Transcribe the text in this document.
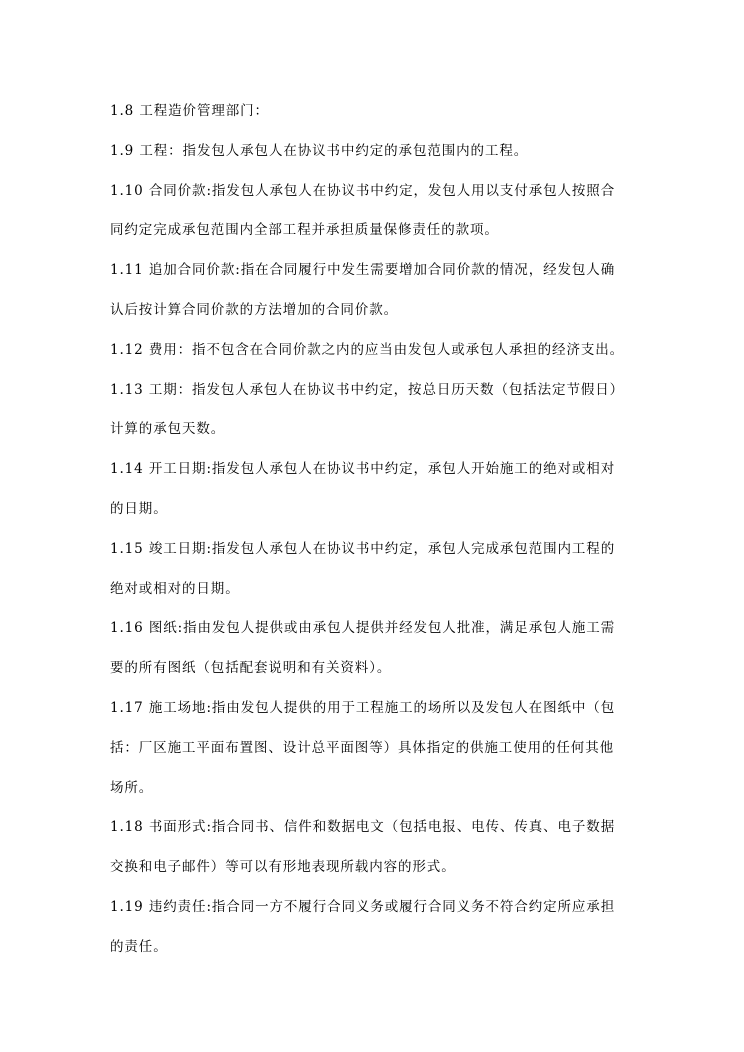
1.8 工程造价管理部门：
1.9 工程：指发包人承包人在协议书中约定的承包范围内的工程。
1.10 合同价款:指发包人承包人在协议书中约定，发包人用以支付承包人按照合
同约定完成承包范围内全部工程并承担质量保修责任的款项。
1.11 追加合同价款:指在合同履行中发生需要增加合同价款的情况，经发包人确
认后按计算合同价款的方法增加的合同价款。
1.12 费用：指不包含在合同价款之内的应当由发包人或承包人承担的经济支出。
1.13 工期：指发包人承包人在协议书中约定，按总日历天数（包括法定节假日）
计算的承包天数。
1.14 开工日期:指发包人承包人在协议书中约定，承包人开始施工的绝对或相对
的日期。
1.15 竣工日期:指发包人承包人在协议书中约定，承包人完成承包范围内工程的
绝对或相对的日期。
1.16 图纸:指由发包人提供或由承包人提供并经发包人批准，满足承包人施工需
要的所有图纸（包括配套说明和有关资料）。
1.17 施工场地:指由发包人提供的用于工程施工的场所以及发包人在图纸中（包
括：厂区施工平面布置图、设计总平面图等）具体指定的供施工使用的任何其他
场所。
1.18 书面形式:指合同书、信件和数据电文（包括电报、电传、传真、电子数据
交换和电子邮件）等可以有形地表现所载内容的形式。
1.19 违约责任:指合同一方不履行合同义务或履行合同义务不符合约定所应承担
的责任。
